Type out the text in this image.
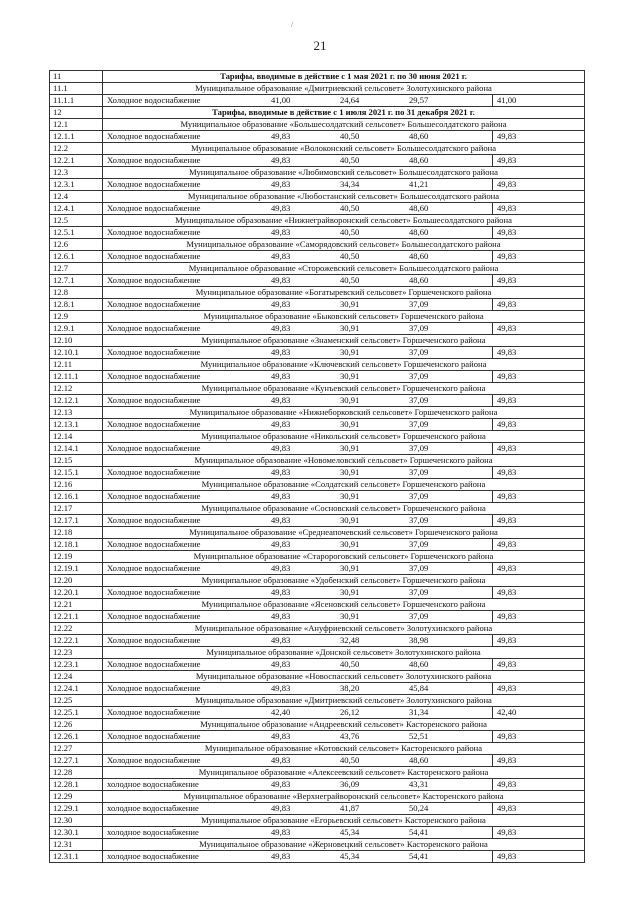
/
21
11	Тарифы, вводимые в действие с 1 мая 2021 г. по 30 июня 2021 г.
11.1	Муниципальное образование «Дмитриевский сельсовет» Золотухинского района
11.1.1	Холодное водоснабжение 41,00 24,64 29,57 41,00

12	Тарифы, вводимые в действие с 1 июля 2021 г. по 31 декабря 2021 г.
12.1	Муниципальное образование «Большесолдатский сельсовет» Большесолдатского района
12.1.1	Холодное водоснабжение 49,83 40,50 48,60 49,83

12.2	Муниципальное образование «Волоконский сельсовет» Большесолдатского района
12.2.1	Холодное водоснабжение 49,83 40,50 48,60 49,83

12.3	Муниципальное образование «Любимовский сельсовет» Большесолдатского района
12.3.1	Холодное водоснабжение 49,83 34,34 41,21 49,83

12.4	Муниципальное образование «Любостанский сельсовет» Большесолдатского района
12.4.1	Холодное водоснабжение 49,83 40,50 48,60 49,83

12.5	Муниципальное образование «Нижнеграйворонский сельсовет» Большесолдатского района
12.5.1	Холодное водоснабжение 49,83 40,50 48,60 49,83

12.6	Муниципальное образование «Саморядовский сельсовет» Большесолдатского района
12.6.1	Холодное водоснабжение 49,83 40,50 48,60 49,83

12.7	Муниципальное образование «Сторожевский сельсовет» Большесолдатского района
12.7.1	Холодное водоснабжение 49,83 40,50 48,60 49,83

12.8	Муниципальное образование «Богатыревский сельсовет» Горшеченского района
12.8.1	Холодное водоснабжение 49,83 30,91 37,09 49,83

12.9	Муниципальное образование «Быковский сельсовет» Горшеченского района
12.9.1	Холодное водоснабжение 49,83 30,91 37,09 49,83

12.10	Муниципальное образование «Знаменский сельсовет» Горшеченского района
12.10.1	Холодное водоснабжение 49,83 30,91 37,09 49,83

12.11	Муниципальное образование «Ключевский сельсовет» Горшеченского района
12.11.1	Холодное водоснабжение 49,83 30,91 37,09 49,83

12.12	Муниципальное образование «Кунъевский сельсовет» Горшеченского района
12.12.1	Холодное водоснабжение 49,83 30,91 37,09 49,83

12.13	Муниципальное образование «Нижнеборковский сельсовет» Горшеченского района
12.13.1	Холодное водоснабжение 49,83 30,91 37,09 49,83

12.14	Муниципальное образование «Никольский сельсовет» Горшеченского района
12.14.1	Холодное водоснабжение 49,83 30,91 37,09 49,83

12.15	Муниципальное образование «Новомеловский сельсовет» Горшеченского района
12.15.1	Холодное водоснабжение 49,83 30,91 37,09 49,83

12.16	Муниципальное образование «Солдатский сельсовет» Горшеченского района
12.16.1	Холодное водоснабжение 49,83 30,91 37,09 49,83

12.17	Муниципальное образование «Сосновский сельсовет» Горшеченского района
12.17.1	Холодное водоснабжение 49,83 30,91 37,09 49,83

12.18	Муниципальное образование «Среднеапочевский сельсовет» Горшеченского района
12.18.1	Холодное водоснабжение 49,83 30,91 37,09 49,83

12.19	Муниципальное образование «Старороговский сельсовет» Горшеченского района
12.19.1	Холодное водоснабжение 49,83 30,91 37,09 49,83

12.20	Муниципальное образование «Удобенский сельсовет» Горшеченского района
12.20.1	Холодное водоснабжение 49,83 30,91 37,09 49,83

12.21	Муниципальное образование «Ясеновский сельсовет» Горшеченского района
12.21.1	Холодное водоснабжение 49,83 30,91 37,09 49,83

12.22	Муниципальное образование «Ануфриевский сельсовет» Золотухинского района
12.22.1	Холодное водоснабжение 49,83 32,48 38,98 49,83

12.23	Муниципальное образование «Донской сельсовет» Золотухинского района
12.23.1	Холодное водоснабжение 49,83 40,50 48,60 49,83

12.24	Муниципальное образование «Новоспасский сельсовет» Золотухинского района
12.24.1	Холодное водоснабжение 49,83 38,20 45,84 49,83

12.25	Муниципальное образование «Дмитриевский сельсовет» Золотухинского района
12.25.1	Холодное водоснабжение 42,40 26,12 31,34 42,40

12.26	Муниципальное образование «Андреевский сельсовет» Касторенского района
12.26.1	Холодное водоснабжение 49,83 43,76 52,51 49,83

12.27	Муниципальное образование «Котовский сельсовет» Касторенского района
12.27.1	Холодное водоснабжение 49,83 40,50 48,60 49,83

12.28	Муниципальное образование «Алексеевский сельсовет» Касторенского района
12.28.1	холодное водоснабжение 49,83 36,09 43,31 49,83

12.29	Муниципальное образование «Верхнеграйворонский сельсовет» Касторенского района
12.29.1	холодное водоснабжение 49,83 41,87 50,24 49,83

12.30	Муниципальное образование «Егорьевский сельсовет» Касторенского района
12.30.1	холодное водоснабжение 49,83 45,34 54,41 49,83

12.31	Муниципальное образование «Жерновецкий сельсовет» Касторенского района
12.31.1	холодное водоснабжение 49,83 45,34 54,41 49,83
